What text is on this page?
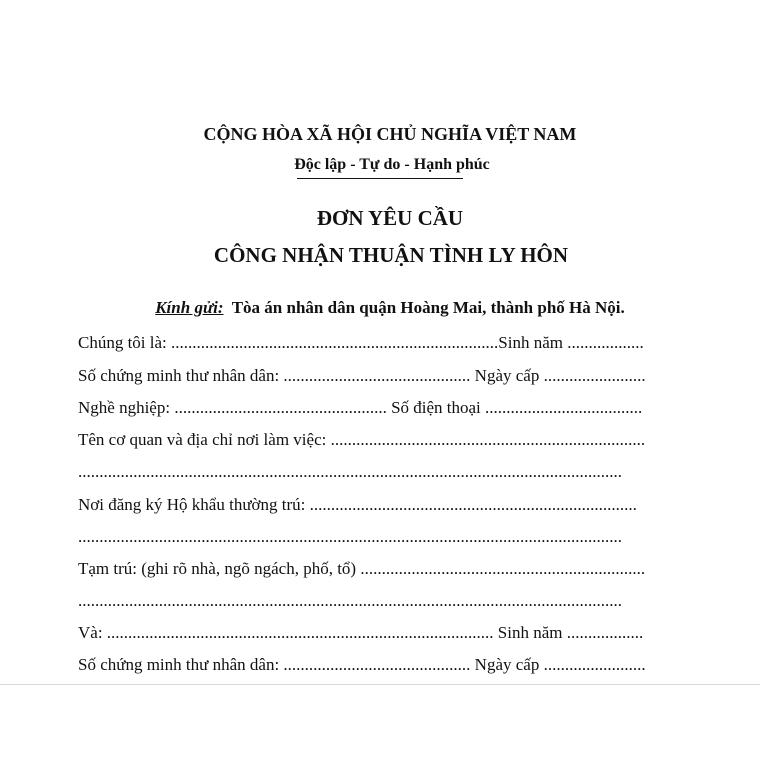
CỘNG HÒA XÃ HỘI CHỦ NGHĨA VIỆT NAM
Độc lập - Tự do - Hạnh phúc
ĐƠN YÊU CẦU
CÔNG NHẬN THUẬN TÌNH LY HÔN
Kính gửi: Tòa án nhân dân quận Hoàng Mai, thành phố Hà Nội.
Chúng tôi là: .............................................................................Sinh năm ..................
Số chứng minh thư nhân dân: ............................................ Ngày cấp ........................
Nghề nghiệp: .................................................. Số điện thoại .....................................
Tên cơ quan và địa chỉ nơi làm việc: ..........................................................................
................................................................................................................................
Nơi đăng ký Hộ khẩu thường trú: .............................................................................
................................................................................................................................
Tạm trú: (ghi rõ nhà, ngõ ngách, phố, tổ) ...................................................................
................................................................................................................................
Và: ........................................................................................... Sinh năm ..................
Số chứng minh thư nhân dân: ............................................ Ngày cấp ........................
